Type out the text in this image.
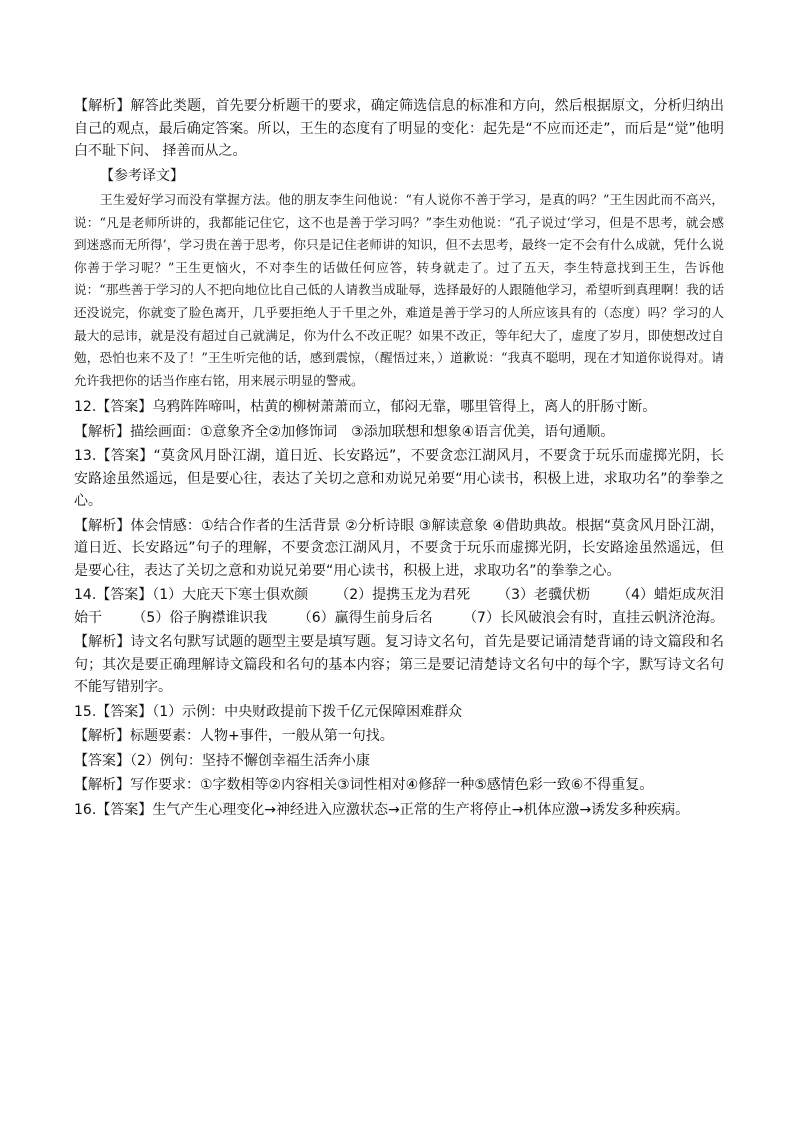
【解析】解答此类题，首先要分析题干的要求，确定筛选信息的标准和方向，然后根据原文，分析归纳出自己的观点，最后确定答案。所以，王生的态度有了明显的变化：起先是“不应而还走”，而后是“觉”他明白不耻下问、 择善而从之。

【参考译文】

王生爱好学习而没有掌握方法。他的朋友李生问他说：“有人说你不善于学习，是真的吗？”王生因此而不高兴，说：“凡是老师所讲的，我都能记住它，这不也是善于学习吗？”李生劝他说：“孔子说过‘学习，但是不思考，就会感到迷惑而无所得’，学习贵在善于思考，你只是记住老师讲的知识，但不去思考，最终一定不会有什么成就，凭什么说你善于学习呢？”王生更恼火，不对李生的话做任何应答，转身就走了。过了五天，李生特意找到王生，告诉他说：“那些善于学习的人不把向地位比自己低的人请教当成耻辱，选择最好的人跟随他学习，希望听到真理啊！我的话还没说完，你就变了脸色离开，几乎要拒绝人于千里之外，难道是善于学习的人所应该具有的（态度）吗？学习的人最大的忌讳，就是没有超过自己就满足，你为什么不改正呢？如果不改正，等年纪大了，虚度了岁月，即使想改过自勉，恐怕也来不及了！”王生听完他的话，感到震惊，（醒悟过来，）道歉说：“我真不聪明，现在才知道你说得对。请允许我把你的话当作座右铭，用来展示明显的警戒。

12.【答案】乌鸦阵阵啼叫，枯黄的柳树萧萧而立，郁闷无靠，哪里管得上，离人的肝肠寸断。

【解析】描绘画面：①意象齐全②加修饰词　③添加联想和想象④语言优美，语句通顺。

13.【答案】“莫贪风月卧江湖，道日近、长安路远”，不要贪恋江湖风月，不要贪于玩乐而虚掷光阴，长安路途虽然遥远，但是要心往，表达了关切之意和劝说兄弟要“用心读书，积极上进，求取功名”的拳拳之心。

【解析】体会情感：①结合作者的生活背景 ②分析诗眼 ③解读意象 ④借助典故。根据“莫贪风月卧江湖，道日近、长安路远”句子的理解，不要贪恋江湖风月，不要贪于玩乐而虚掷光阴，长安路途虽然遥远，但是要心往，表达了关切之意和劝说兄弟要“用心读书，积极上进，求取功名”的拳拳之心。

14.【答案】（1）大庇天下寒士俱欢颜 （2）提携玉龙为君死 （3）老骥伏枥 （4）蜡炬成灰泪
始干 （5）俗子胸襟谁识我 （6）赢得生前身后名 （7）长风破浪会有时，直挂云帆济沧海。

【解析】诗文名句默写试题的题型主要是填写题。复习诗文名句，首先是要记诵清楚背诵的诗文篇段和名句；其次是要正确理解诗文篇段和名句的基本内容；第三是要记清楚诗文名句中的每个字，默写诗文名句不能写错别字。

15.【答案】（1）示例：中央财政提前下拨千亿元保障困难群众

【解析】标题要素：人物+事件，一般从第一句找。

【答案】（2）例句：坚持不懈创幸福生活奔小康

【解析】写作要求：①字数相等②内容相关③词性相对④修辞一种⑤感情色彩一致⑥不得重复。

16.【答案】生气产生心理变化→神经进入应激状态→正常的生产将停止→机体应激→诱发多种疾病。
